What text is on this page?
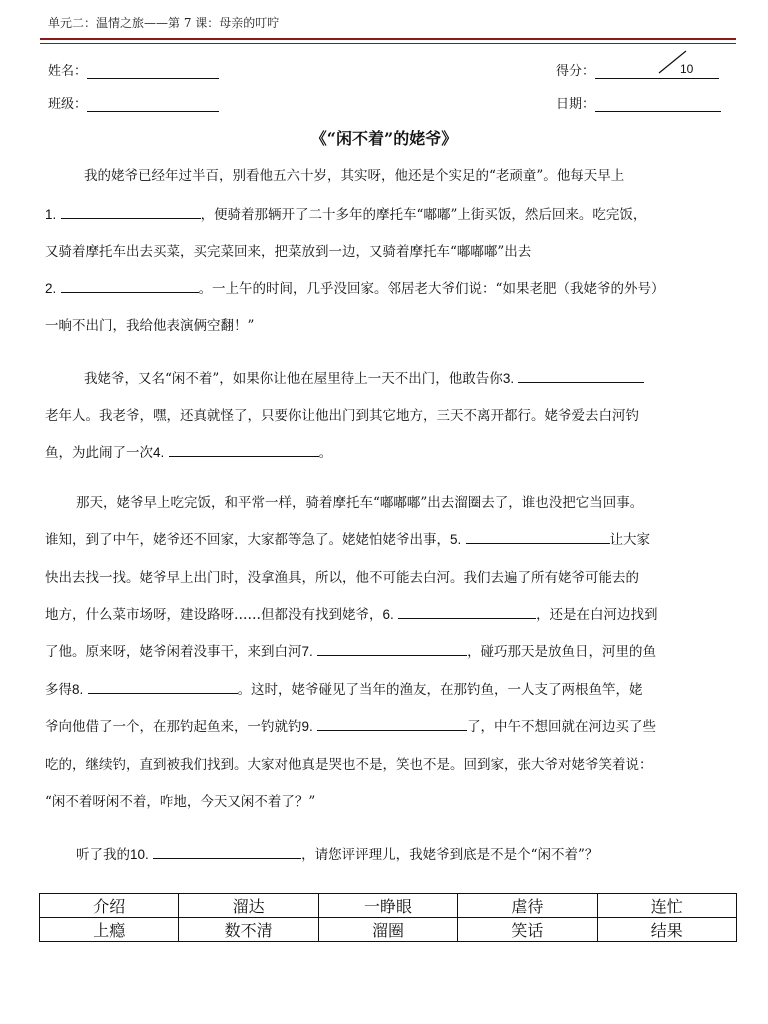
单元二：温情之旅——第 7 课：母亲的叮咛
姓名：
班级：
得分：	10
日期：
《“闲不着”的姥爷》
我的姥爷已经年过半百，别看他五六十岁，其实呀，他还是个实足的“老顽童”。他每天早上
1.	，便骑着那辆开了二十多年的摩托车“嘟嘟”上街买饭，然后回来。吃完饭，
又骑着摩托车出去买菜，买完菜回来，把菜放到一边，又骑着摩托车“嘟嘟嘟”出去
2.	。一上午的时间，几乎没回家。邻居老大爷们说：“如果老肥（我姥爷的外号）
一晌不出门，我给他表演俩空翻！”
我姥爷，又名“闲不着”，如果你让他在屋里待上一天不出门，他敢告你3.
老年人。我老爷，嘿，还真就怪了，只要你让他出门到其它地方，三天不离开都行。姥爷爱去白河钓
鱼，为此闹了一次4.	。
那天，姥爷早上吃完饭，和平常一样，骑着摩托车“嘟嘟嘟”出去溜圈去了，谁也没把它当回事。
谁知，到了中午，姥爷还不回家，大家都等急了。姥姥怕姥爷出事，5.	让大家
快出去找一找。姥爷早上出门时，没拿渔具，所以，他不可能去白河。我们去遍了所有姥爷可能去的
地方，什么菜市场呀，建设路呀……但都没有找到姥爷，6.	，还是在白河边找到
了他。原来呀，姥爷闲着没事干，来到白河7.	，碰巧那天是放鱼日，河里的鱼
多得8.	。这时，姥爷碰见了当年的渔友，在那钓鱼，一人支了两根鱼竿，姥
爷向他借了一个，在那钓起鱼来，一钓就钓9.	了，中午不想回就在河边买了些
吃的，继续钓，直到被我们找到。大家对他真是哭也不是，笑也不是。回到家，张大爷对姥爷笑着说：
“闲不着呀闲不着，咋地，今天又闲不着了？”
听了我的10.	，请您评评理儿，我姥爷到底是不是个“闲不着”？
介绍	溜达	一睁眼	虐待	连忙
上瘾	数不清	溜圈	笑话	结果
